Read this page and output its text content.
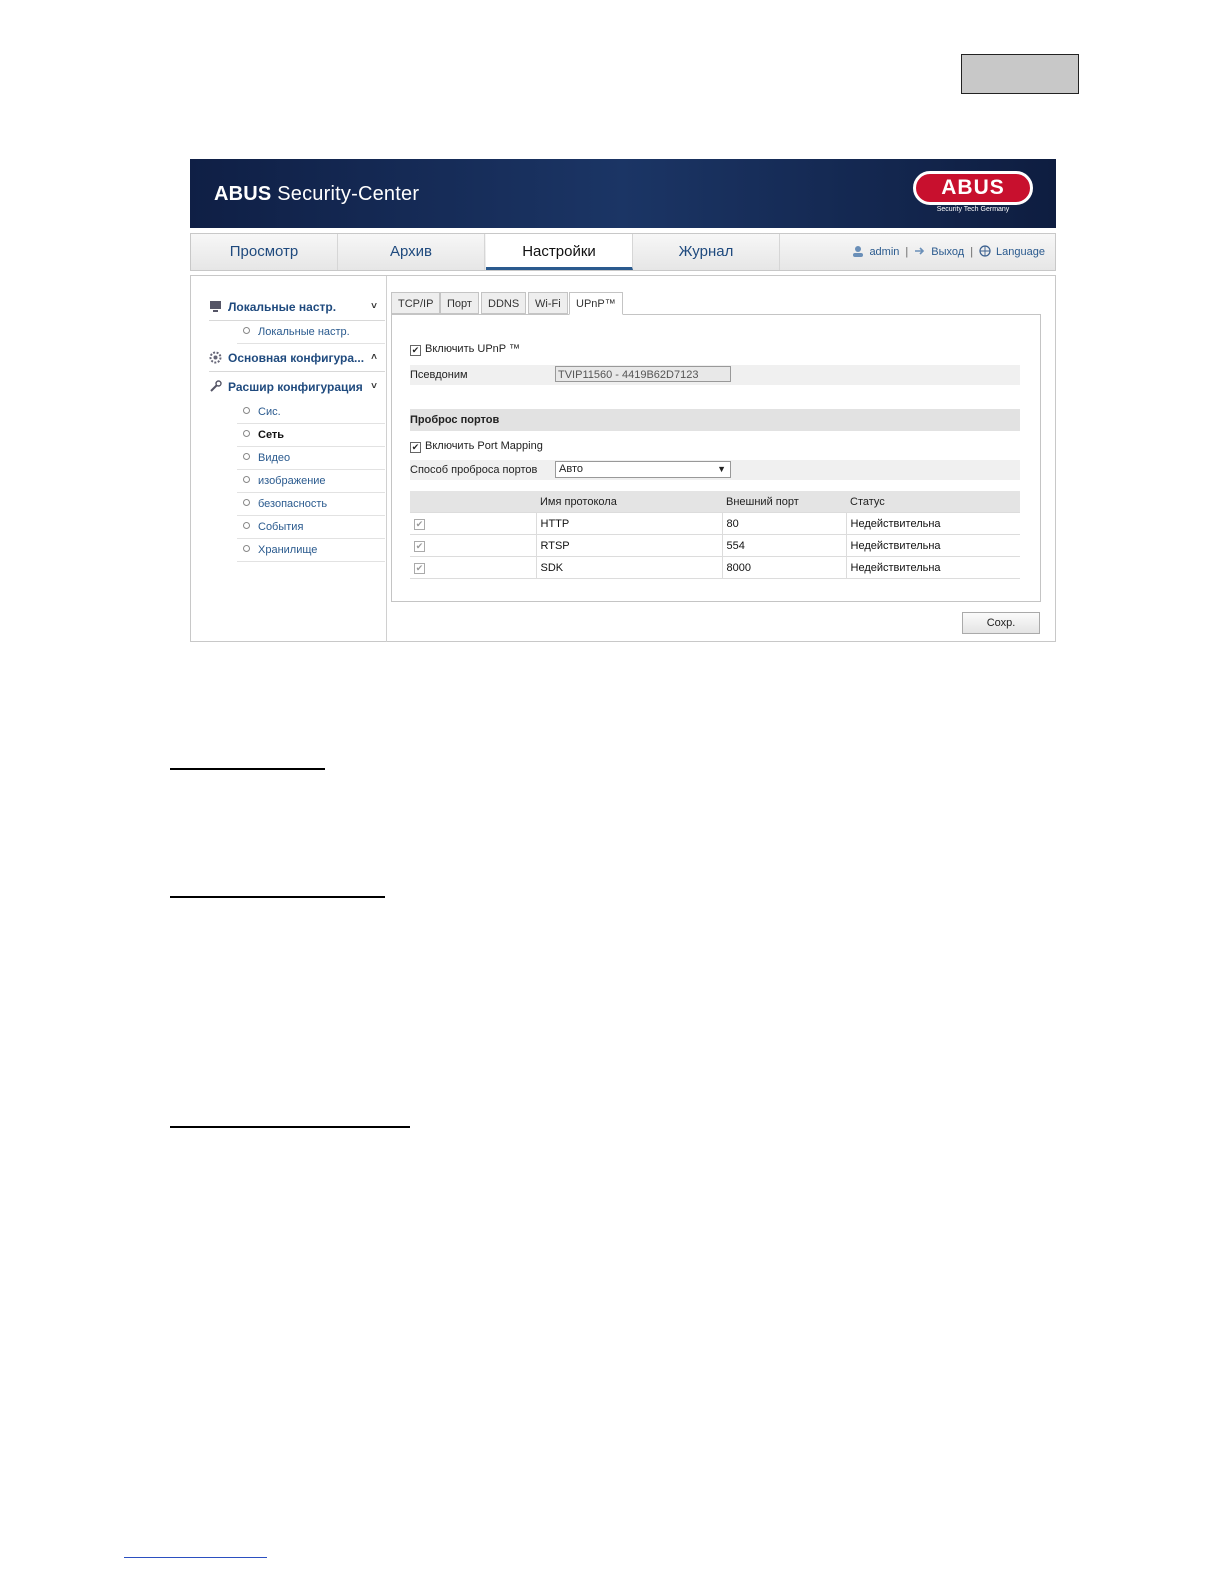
ABUS Security-Center	ABUS
Security Tech Germany
Просмотр	Архив	Настройки	Журнал	admin | Выход | Language
Локальные настр.	˅
Локальные настр.
Основная конфигура... ˄
Расшир конфигурация ˅
Сис.
Сеть
Видео
изображение
безопасность
События
Хранилище
TCP/IP	Порт	DDNS	Wi-Fi	UPnP™
✔ Включить UPnP ™
Псевдоним	TVIP11560 - 4419B62D7123
Проброс портов
✔ Включить Port Mapping
Способ проброса портов	Авто	▼
	Имя протокола	Внешний порт	Статус
✔	HTTP	80	Недействительна
✔	RTSP	554	Недействительна
✔	SDK	8000	Недействительна
Сохр.
